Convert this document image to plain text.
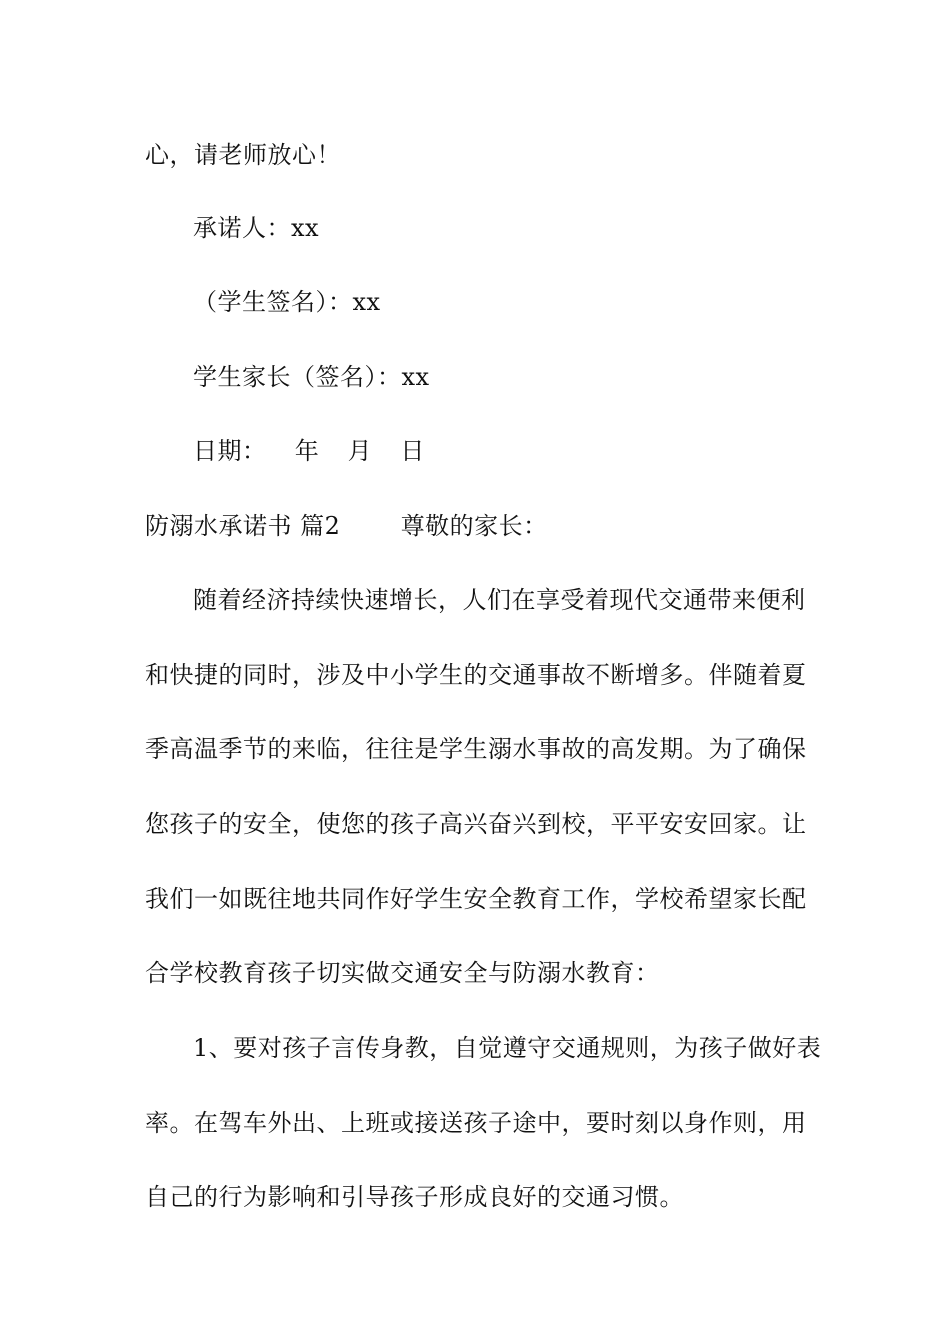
心，请老师放心！
承诺人：xx
（学生签名）：xx
学生家长（签名）：xx
日期： 年 月 日
防溺水承诺书 篇2	尊敬的家长：
随着经济持续快速增长，人们在享受着现代交通带来便利
和快捷的同时，涉及中小学生的交通事故不断增多。伴随着夏
季高温季节的来临，往往是学生溺水事故的高发期。为了确保
您孩子的安全，使您的孩子高兴奋兴到校，平平安安回家。让
我们一如既往地共同作好学生安全教育工作，学校希望家长配
合学校教育孩子切实做交通安全与防溺水教育：
1、要对孩子言传身教，自觉遵守交通规则，为孩子做好表
率。在驾车外出、上班或接送孩子途中，要时刻以身作则，用
自己的行为影响和引导孩子形成良好的交通习惯。
